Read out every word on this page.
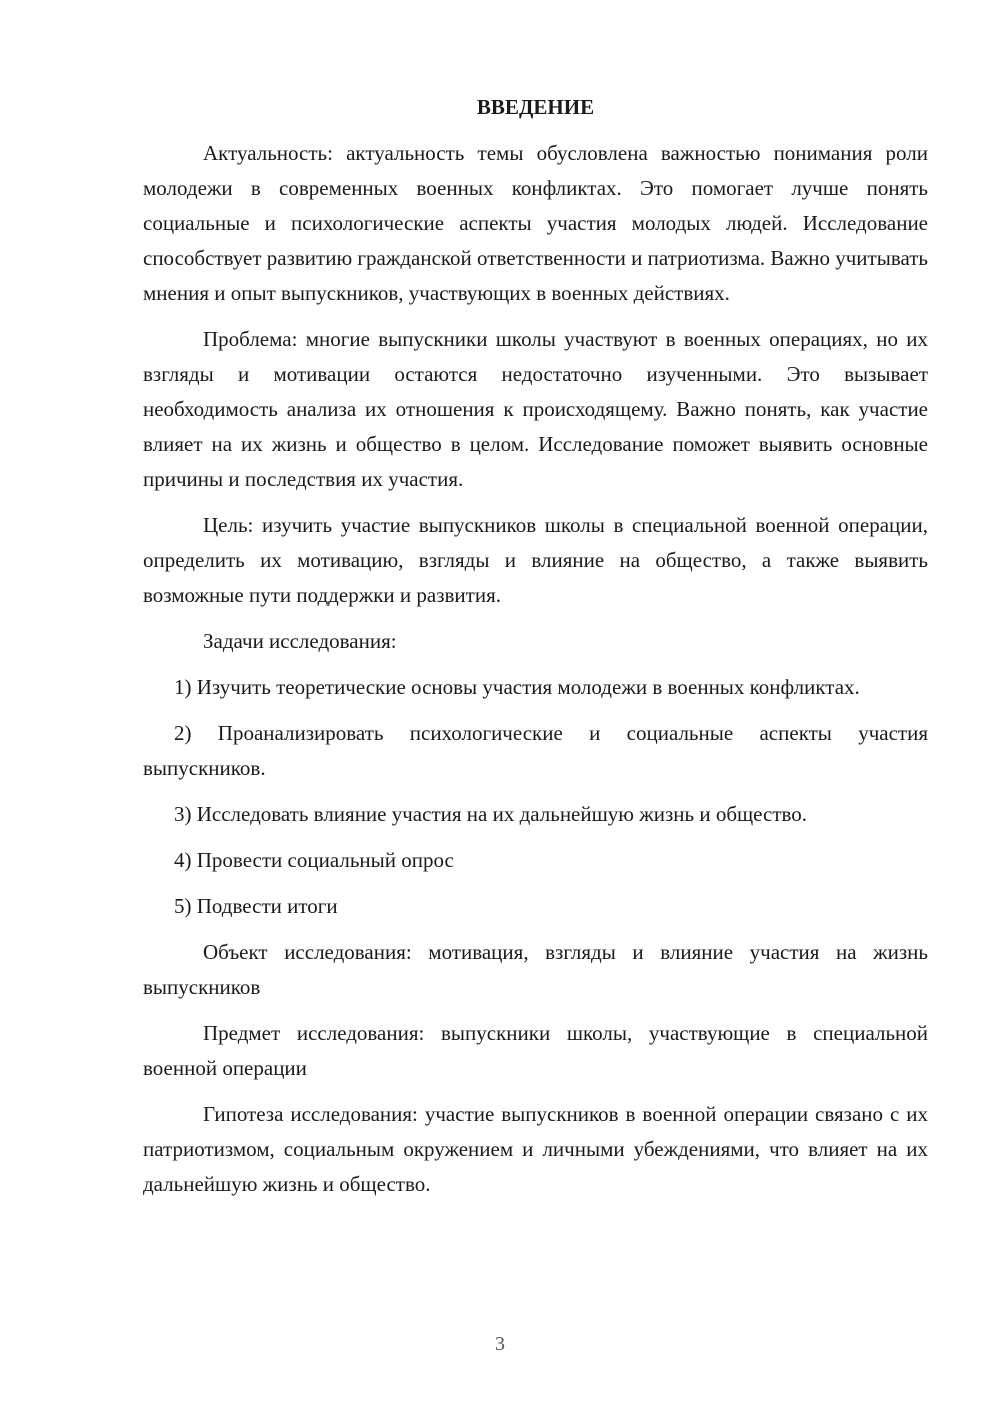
ВВЕДЕНИЕ

Актуальность: актуальность темы обусловлена важностью понимания роли молодежи в современных военных конфликтах. Это помогает лучше понять социальные и психологические аспекты участия молодых людей. Исследование способствует развитию гражданской ответственности и патриотизма. Важно учитывать мнения и опыт выпускников, участвующих в военных действиях.

Проблема: многие выпускники школы участвуют в военных операциях, но их взгляды и мотивации остаются недостаточно изученными. Это вызывает необходимость анализа их отношения к происходящему. Важно понять, как участие влияет на их жизнь и общество в целом. Исследование поможет выявить основные причины и последствия их участия.

Цель: изучить участие выпускников школы в специальной военной операции, определить их мотивацию, взгляды и влияние на общество, а также выявить возможные пути поддержки и развития.

Задачи исследования:

1) Изучить теоретические основы участия молодежи в военных конфликтах.

2) Проанализировать психологические и социальные аспекты участия выпускников.

3) Исследовать влияние участия на их дальнейшую жизнь и общество.

4) Провести социальный опрос

5) Подвести итоги

Объект исследования: мотивация, взгляды и влияние участия на жизнь выпускников

Предмет исследования: выпускники школы, участвующие в специальной военной операции

Гипотеза исследования: участие выпускников в военной операции связано с их патриотизмом, социальным окружением и личными убеждениями, что влияет на их дальнейшую жизнь и общество.

3
